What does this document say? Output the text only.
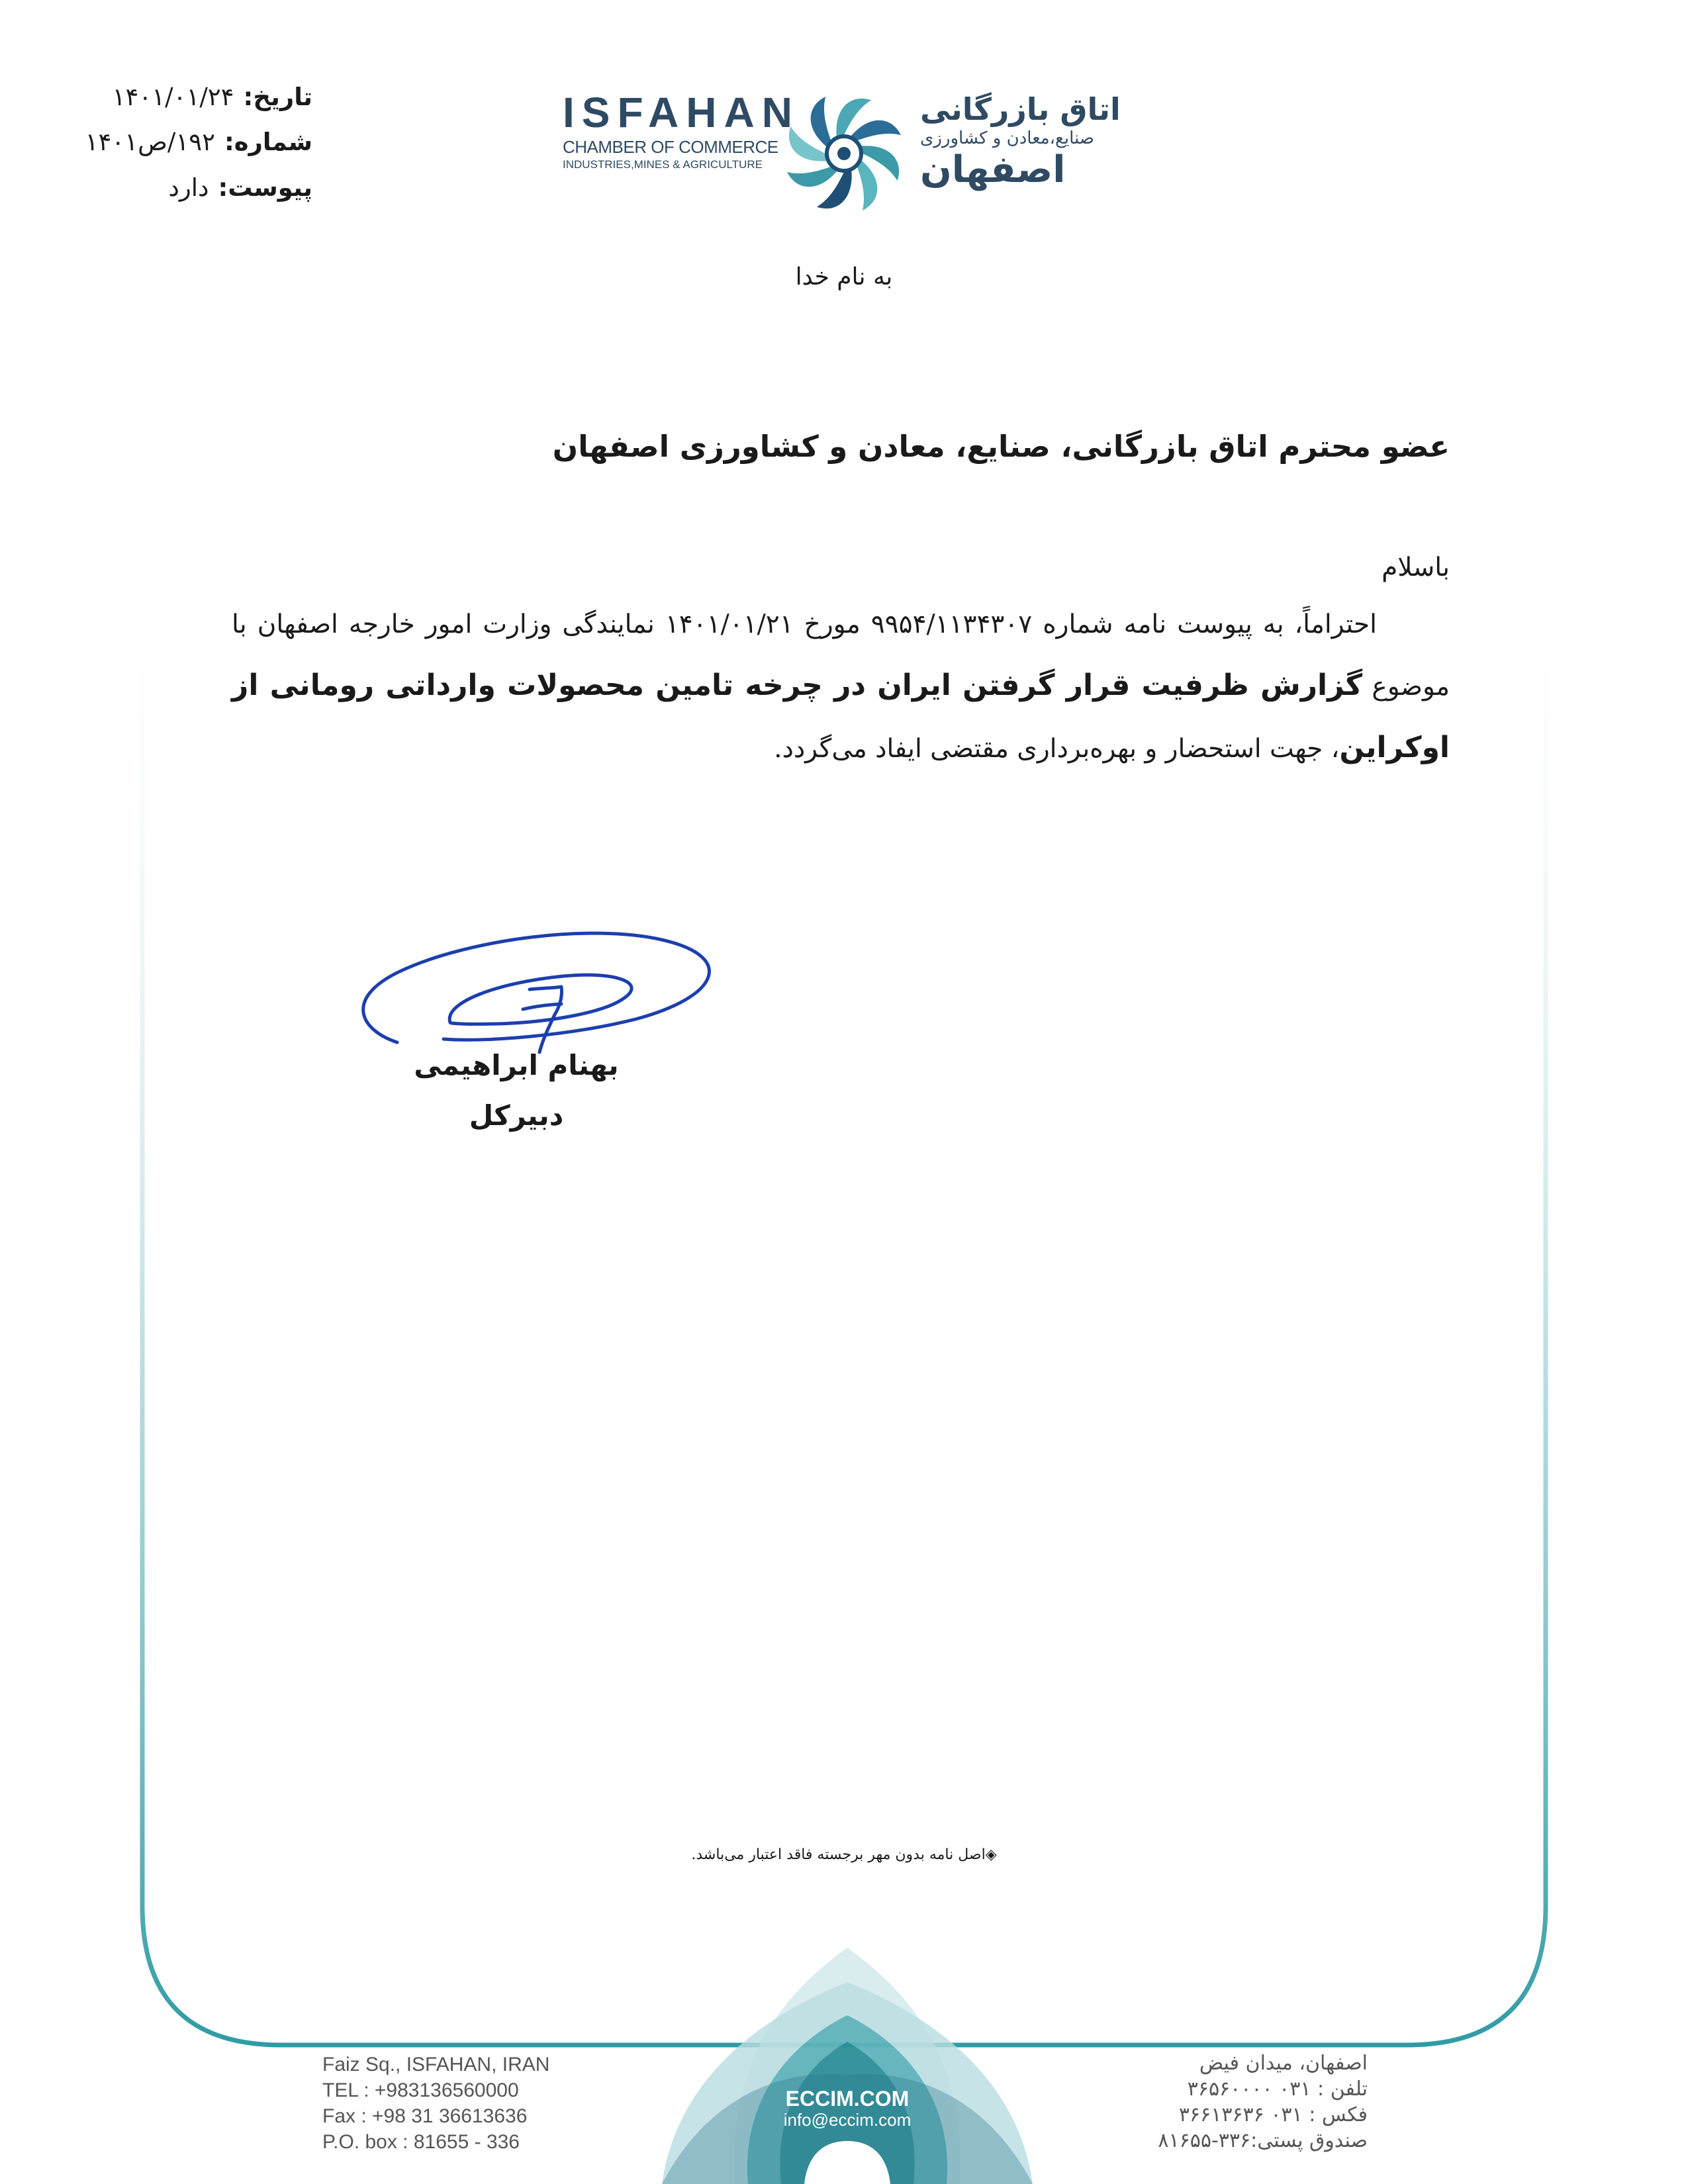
تاریخ:۱۴۰۱/۰۱/۲۴
شماره:۱۹۲/ص۱۴۰۱
پیوست:دارد
ISFAHAN
CHAMBER OF COMMERCE
INDUSTRIES,MINES & AGRICULTURE
اتاق بازرگانی
صنایع،معادن و کشاورزی
اصفهان
به نام خدا
عضو محترم اتاق بازرگانی، صنایع، معادن و کشاورزی اصفهان
باسلام
احتراماً، به پیوست نامه شماره ۹۹۵۴/۱۱۳۴۳۰۷ مورخ ۱۴۰۱/۰۱/۲۱ نمایندگی وزارت امور خارجه اصفهان با موضوع گزارش ظرفیت قرار گرفتن ایران در چرخه تامین محصولات وارداتی رومانی از اوکراین، جهت استحضار و بهره‌برداری مقتضی ایفاد می‌گردد.
بهنام ابراهیمی
دبیرکل
◈اصل نامه بدون مهر برجسته فاقد اعتبار می‌باشد.
ECCIM.COM
info@eccim.com
Faiz Sq., ISFAHAN, IRAN
TEL : +983136560000
Fax : +98 31 36613636
P.O. box : 81655 - 336
اصفهان، میدان فیض
تلفن : ۰۳۱ ۳۶۵۶۰۰۰۰
فکس : ۰۳۱ ۳۶۶۱۳۶۳۶
صندوق پستی:۳۳۶-۸۱۶۵۵
